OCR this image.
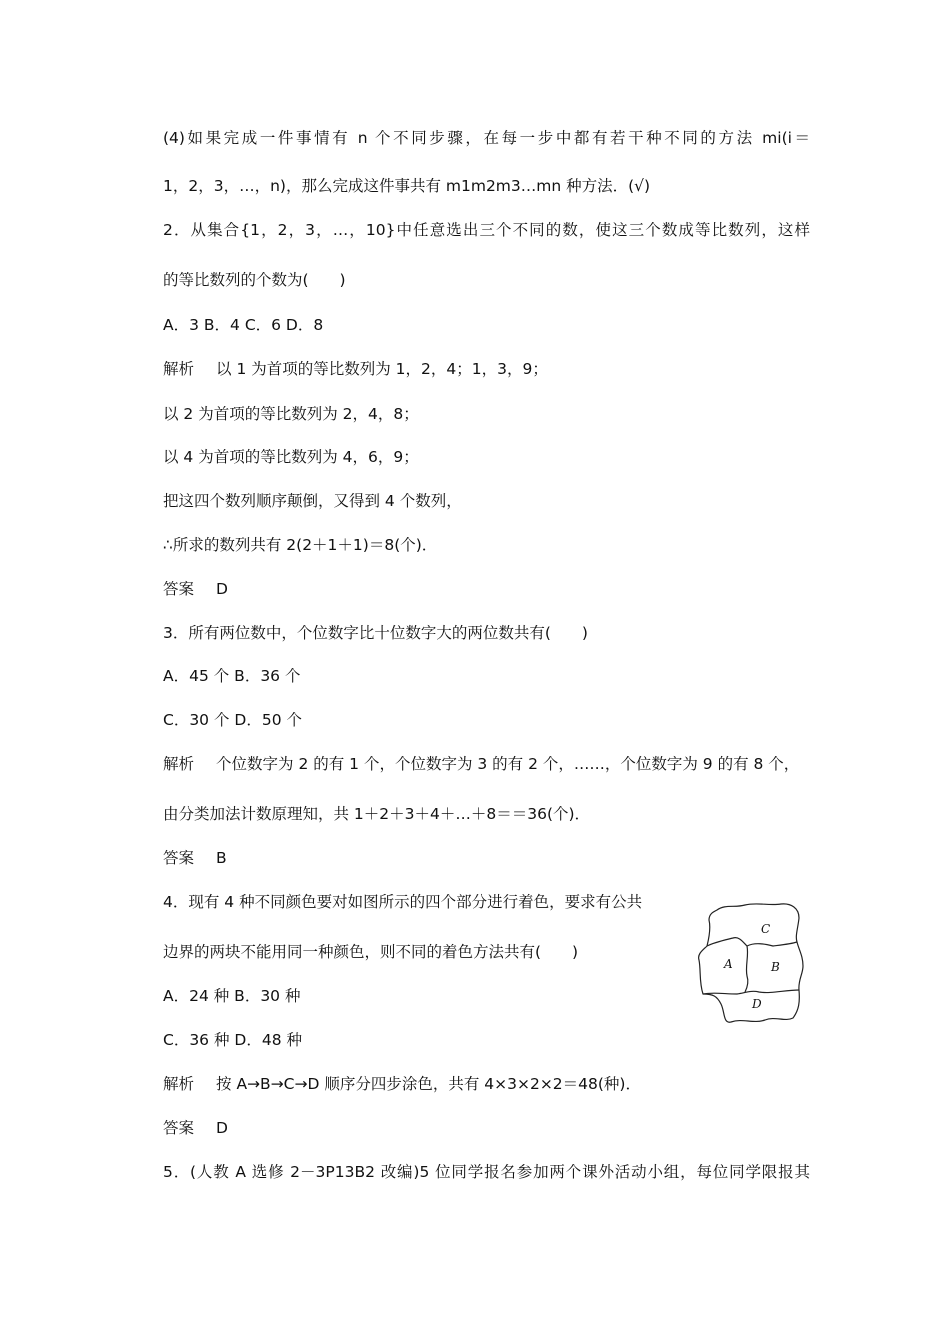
(4)如果完成一件事情有 n 个不同步骤，在每一步中都有若干种不同的方法 mi(i＝
1，2，3，…，n)，那么完成这件事共有 m1m2m3…mn 种方法．(√)
2．从集合{1，2，3，…，10}中任意选出三个不同的数，使这三个数成等比数列，这样
的等比数列的个数为(　　)
A．3 B．4 C．6 D．8
解析 以 1 为首项的等比数列为 1，2，4；1，3，9；
以 2 为首项的等比数列为 2，4，8；
以 4 为首项的等比数列为 4，6，9；
把这四个数列顺序颠倒，又得到 4 个数列，
∴所求的数列共有 2(2＋1＋1)＝8(个)．
答案 D
3．所有两位数中，个位数字比十位数字大的两位数共有(　　)
A．45 个 B．36 个
C．30 个 D．50 个
解析 个位数字为 2 的有 1 个，个位数字为 3 的有 2 个，……，个位数字为 9 的有 8 个，
由分类加法计数原理知，共 1＋2＋3＋4＋…＋8＝＝36(个)．
答案 B
4．现有 4 种不同颜色要对如图所示的四个部分进行着色，要求有公共
边界的两块不能用同一种颜色，则不同的着色方法共有(　　)
A．24 种 B．30 种
C．36 种 D．48 种
解析 按 A→B→C→D 顺序分四步涂色，共有 4×3×2×2＝48(种)．
答案 D
5．(人教 A 选修 2－3P13B2 改编)5 位同学报名参加两个课外活动小组，每位同学限报其
C
A	B
D
